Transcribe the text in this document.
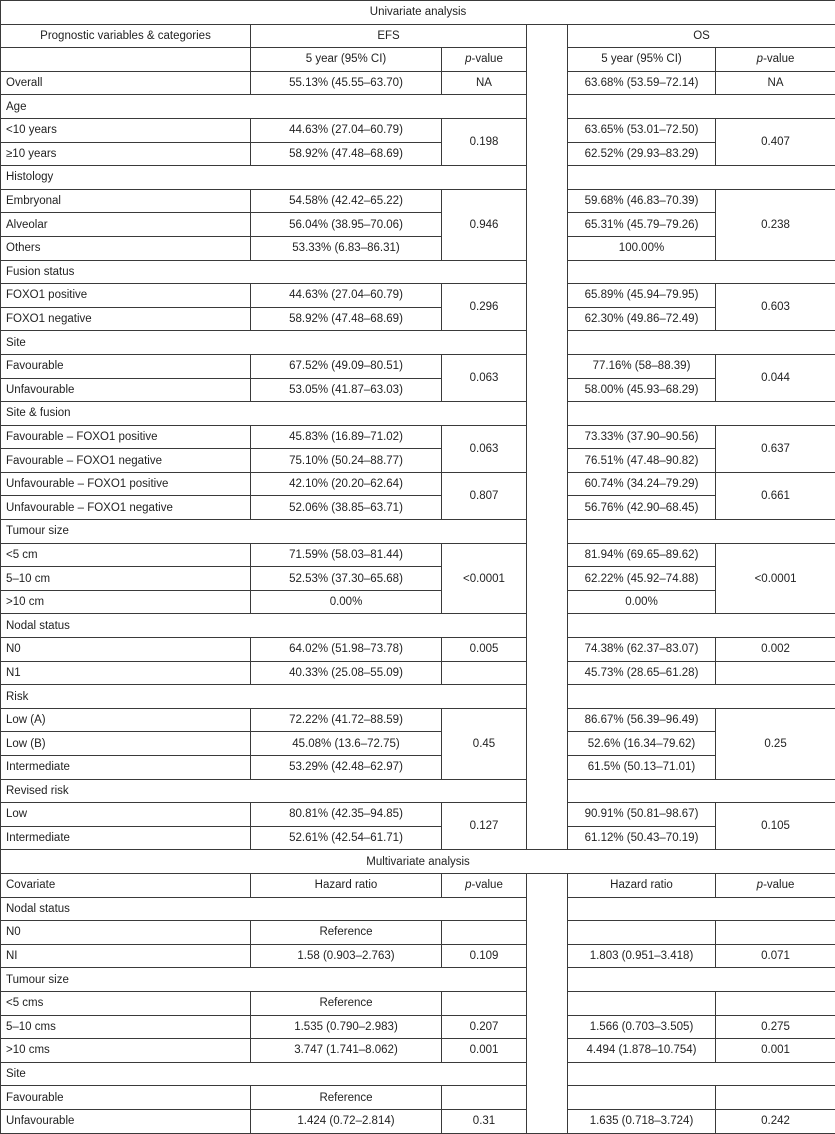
Univariate analysis					
Prognostic variables & categories	EFS			OS	
	5 year (95% CI)	p-value		5 year (95% CI)	p-value
Overall	55.13% (45.55–63.70)	NA		63.68% (53.59–72.14)	NA
Age					
<10 years	44.63% (27.04–60.79)	0.198		63.65% (53.01–72.50)	0.407
≥10 years	58.92% (47.48–68.69)			62.52% (29.93–83.29)	
Histology					
Embryonal	54.58% (42.42–65.22)	0.946		59.68% (46.83–70.39)	0.238
Alveolar	56.04% (38.95–70.06)			65.31% (45.79–79.26)	
Others	53.33% (6.83–86.31)			100.00%	
Fusion status					
FOXO1 positive	44.63% (27.04–60.79)	0.296		65.89% (45.94–79.95)	0.603
FOXO1 negative	58.92% (47.48–68.69)			62.30% (49.86–72.49)	
Site					
Favourable	67.52% (49.09–80.51)	0.063		77.16% (58–88.39)	0.044
Unfavourable	53.05% (41.87–63.03)			58.00% (45.93–68.29)	
Site & fusion					
Favourable – FOXO1 positive	45.83% (16.89–71.02)	0.063		73.33% (37.90–90.56)	0.637
Favourable – FOXO1 negative	75.10% (50.24–88.77)			76.51% (47.48–90.82)	
Unfavourable – FOXO1 positive	42.10% (20.20–62.64)	0.807		60.74% (34.24–79.29)	0.661
Unfavourable – FOXO1 negative	52.06% (38.85–63.71)			56.76% (42.90–68.45)	
Tumour size					
<5 cm	71.59% (58.03–81.44)	<0.0001		81.94% (69.65–89.62)	<0.0001
5–10 cm	52.53% (37.30–65.68)			62.22% (45.92–74.88)	
>10 cm	0.00%			0.00%	
Nodal status					
N0	64.02% (51.98–73.78)	0.005		74.38% (62.37–83.07)	0.002
N1	40.33% (25.08–55.09)			45.73% (28.65–61.28)	
Risk					
Low (A)	72.22% (41.72–88.59)	0.45		86.67% (56.39–96.49)	0.25
Low (B)	45.08% (13.6–72.75)			52.6% (16.34–79.62)	
Intermediate	53.29% (42.48–62.97)			61.5% (50.13–71.01)	
Revised risk					
Low	80.81% (42.35–94.85)	0.127		90.91% (50.81–98.67)	0.105
Intermediate	52.61% (42.54–61.71)			61.12% (50.43–70.19)	
Multivariate analysis					
Covariate	Hazard ratio	p-value		Hazard ratio	p-value
Nodal status					
N0	Reference				
NI	1.58 (0.903–2.763)	0.109		1.803 (0.951–3.418)	0.071
Tumour size					
<5 cms	Reference				
5–10 cms	1.535 (0.790–2.983)	0.207		1.566 (0.703–3.505)	0.275
>10 cms	3.747 (1.741–8.062)	0.001		4.494 (1.878–10.754)	0.001
Site					
Favourable	Reference				
Unfavourable	1.424 (0.72–2.814)	0.31		1.635 (0.718–3.724)	0.242
